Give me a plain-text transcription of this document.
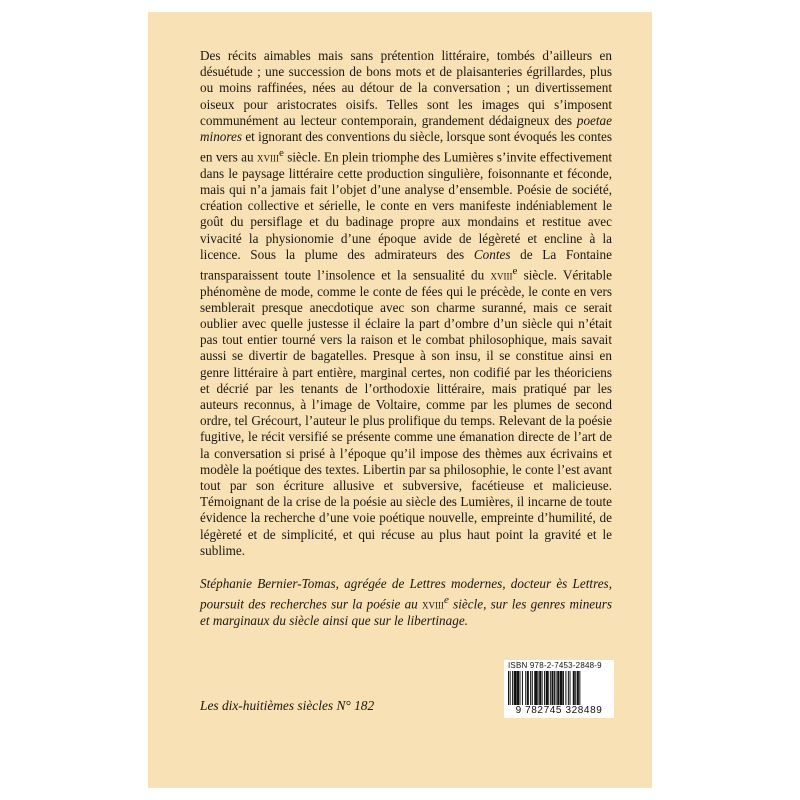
Des récits aimables mais sans prétention littéraire, tombés d’ailleurs en désuétude ; une succession de bons mots et de plaisanteries égrillardes, plus ou moins raffinées, nées au détour de la conversation ; un divertissement oiseux pour aristocrates oisifs. Telles sont les images qui s’imposent communément au lecteur contemporain, grandement dédaigneux des poetae minores et ignorant des conventions du siècle, lorsque sont évoqués les contes en vers au xviii$^e$ siècle. En plein triomphe des Lumières s’invite effectivement dans le paysage littéraire cette production singulière, foisonnante et féconde, mais qui n’a jamais fait l’objet d’une analyse d’ensemble. Poésie de société, création collective et sérielle, le conte en vers manifeste indéniablement le goût du persiflage et du badinage propre aux mondains et restitue avec vivacité la physionomie d’une époque avide de légèreté et encline à la licence. Sous la plume des admirateurs des Contes de La Fontaine transparaissent toute l’insolence et la sensualité du xviii$^e$ siècle. Véritable phénomène de mode, comme le conte de fées qui le précède, le conte en vers semblerait presque anecdotique avec son charme suranné, mais ce serait oublier avec quelle justesse il éclaire la part d’ombre d’un siècle qui n’était pas tout entier tourné vers la raison et le combat philosophique, mais savait aussi se divertir de bagatelles. Presque à son insu, il se constitue ainsi en genre littéraire à part entière, marginal certes, non codifié par les théoriciens et décrié par les tenants de l’orthodoxie littéraire, mais pratiqué par les auteurs reconnus, à l’image de Voltaire, comme par les plumes de second ordre, tel Grécourt, l’auteur le plus prolifique du temps. Relevant de la poésie fugitive, le récit versifié se présente comme une émanation directe de l’art de la conversation si prisé à l’époque qu’il impose des thèmes aux écrivains et modèle la poétique des textes. Libertin par sa philosophie, le conte l’est avant tout par son écriture allusive et subversive, facétieuse et malicieuse. Témoignant de la crise de la poésie au siècle des Lumières, il incarne de toute évidence la recherche d’une voie poétique nouvelle, empreinte d’humilité, de légèreté et de simplicité, et qui récuse au plus haut point la gravité et le sublime.

Stéphanie Bernier-Tomas, agrégée de Lettres modernes, docteur ès Lettres, poursuit des recherches sur la poésie au xviii$^e$ siècle, sur les genres mineurs et marginaux du siècle ainsi que sur le libertinage.

Les dix-huitièmes siècles N° 182

ISBN 978-2-7453-2848-9
9 782745 328489
